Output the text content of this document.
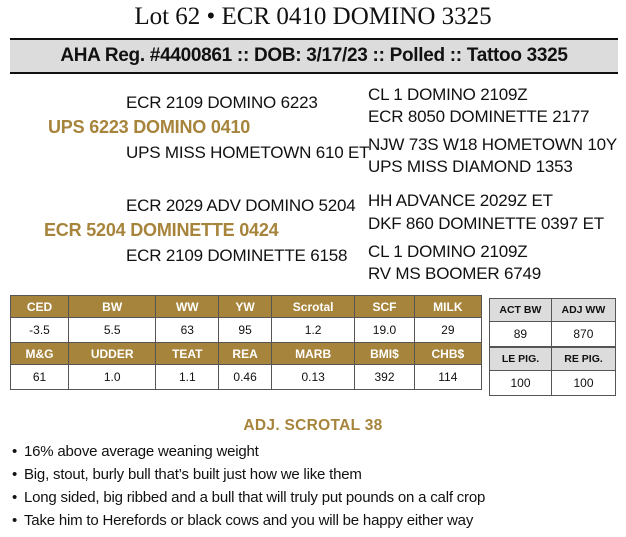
Lot 62 • ECR 0410 DOMINO 3325
AHA Reg. #4400861 :: DOB: 3/17/23 :: Polled :: Tattoo 3325
ECR 2109 DOMINO 6223
UPS 6223 DOMINO 0410
UPS MISS HOMETOWN 610 ET
CL 1 DOMINO 2109Z
ECR 8050 DOMINETTE 2177
NJW 73S W18 HOMETOWN 10Y
UPS MISS DIAMOND 1353
ECR 2029 ADV DOMINO 5204
ECR 5204 DOMINETTE 0424
ECR 2109 DOMINETTE 6158
HH ADVANCE 2029Z ET
DKF 860 DOMINETTE 0397 ET
CL 1 DOMINO 2109Z
RV MS BOOMER 6749
CED	BW	WW	YW	Scrotal	SCF	MILK
-3.5	5.5	63	95	1.2	19.0	29
M&G	UDDER	TEAT	REA	MARB	BMI$	CHB$
61	1.0	1.1	0.46	0.13	392	114
ACT BW	ADJ WW
89	870
LE PIG.	RE PIG.
100	100
ADJ. SCROTAL 38
• 16% above average weaning weight
• Big, stout, burly bull that’s built just how we like them
• Long sided, big ribbed and a bull that will truly put pounds on a calf crop
• Take him to Herefords or black cows and you will be happy either way
